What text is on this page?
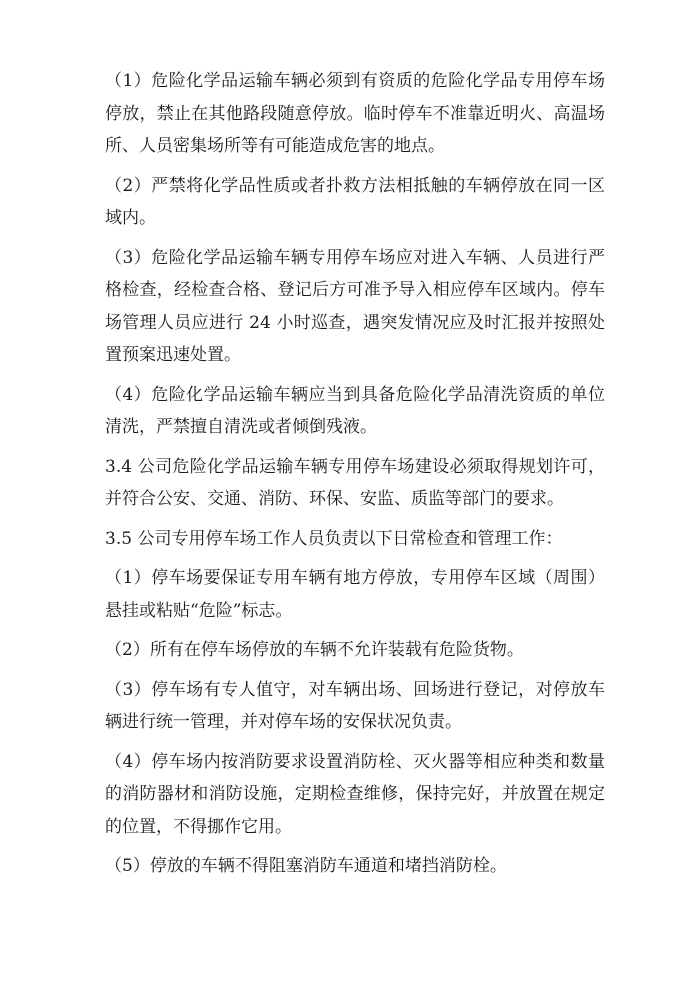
（1）危险化学品运输车辆必须到有资质的危险化学品专用停车场停放，禁止在其他路段随意停放。临时停车不准靠近明火、高温场所、人员密集场所等有可能造成危害的地点。

（2）严禁将化学品性质或者扑救方法相抵触的车辆停放在同一区域内。

（3）危险化学品运输车辆专用停车场应对进入车辆、人员进行严格检查，经检查合格、登记后方可准予导入相应停车区域内。停车场管理人员应进行 24 小时巡查，遇突发情况应及时汇报并按照处置预案迅速处置。

（4）危险化学品运输车辆应当到具备危险化学品清洗资质的单位清洗，严禁擅自清洗或者倾倒残液。

3.4 公司危险化学品运输车辆专用停车场建设必须取得规划许可，并符合公安、交通、消防、环保、安监、质监等部门的要求。

3.5 公司专用停车场工作人员负责以下日常检查和管理工作：

（1）停车场要保证专用车辆有地方停放，专用停车区域（周围）悬挂或粘贴“危险”标志。

（2）所有在停车场停放的车辆不允许装载有危险货物。

（3）停车场有专人值守，对车辆出场、回场进行登记，对停放车辆进行统一管理，并对停车场的安保状况负责。

（4）停车场内按消防要求设置消防栓、灭火器等相应种类和数量的消防器材和消防设施，定期检查维修，保持完好，并放置在规定的位置，不得挪作它用。

（5）停放的车辆不得阻塞消防车通道和堵挡消防栓。
